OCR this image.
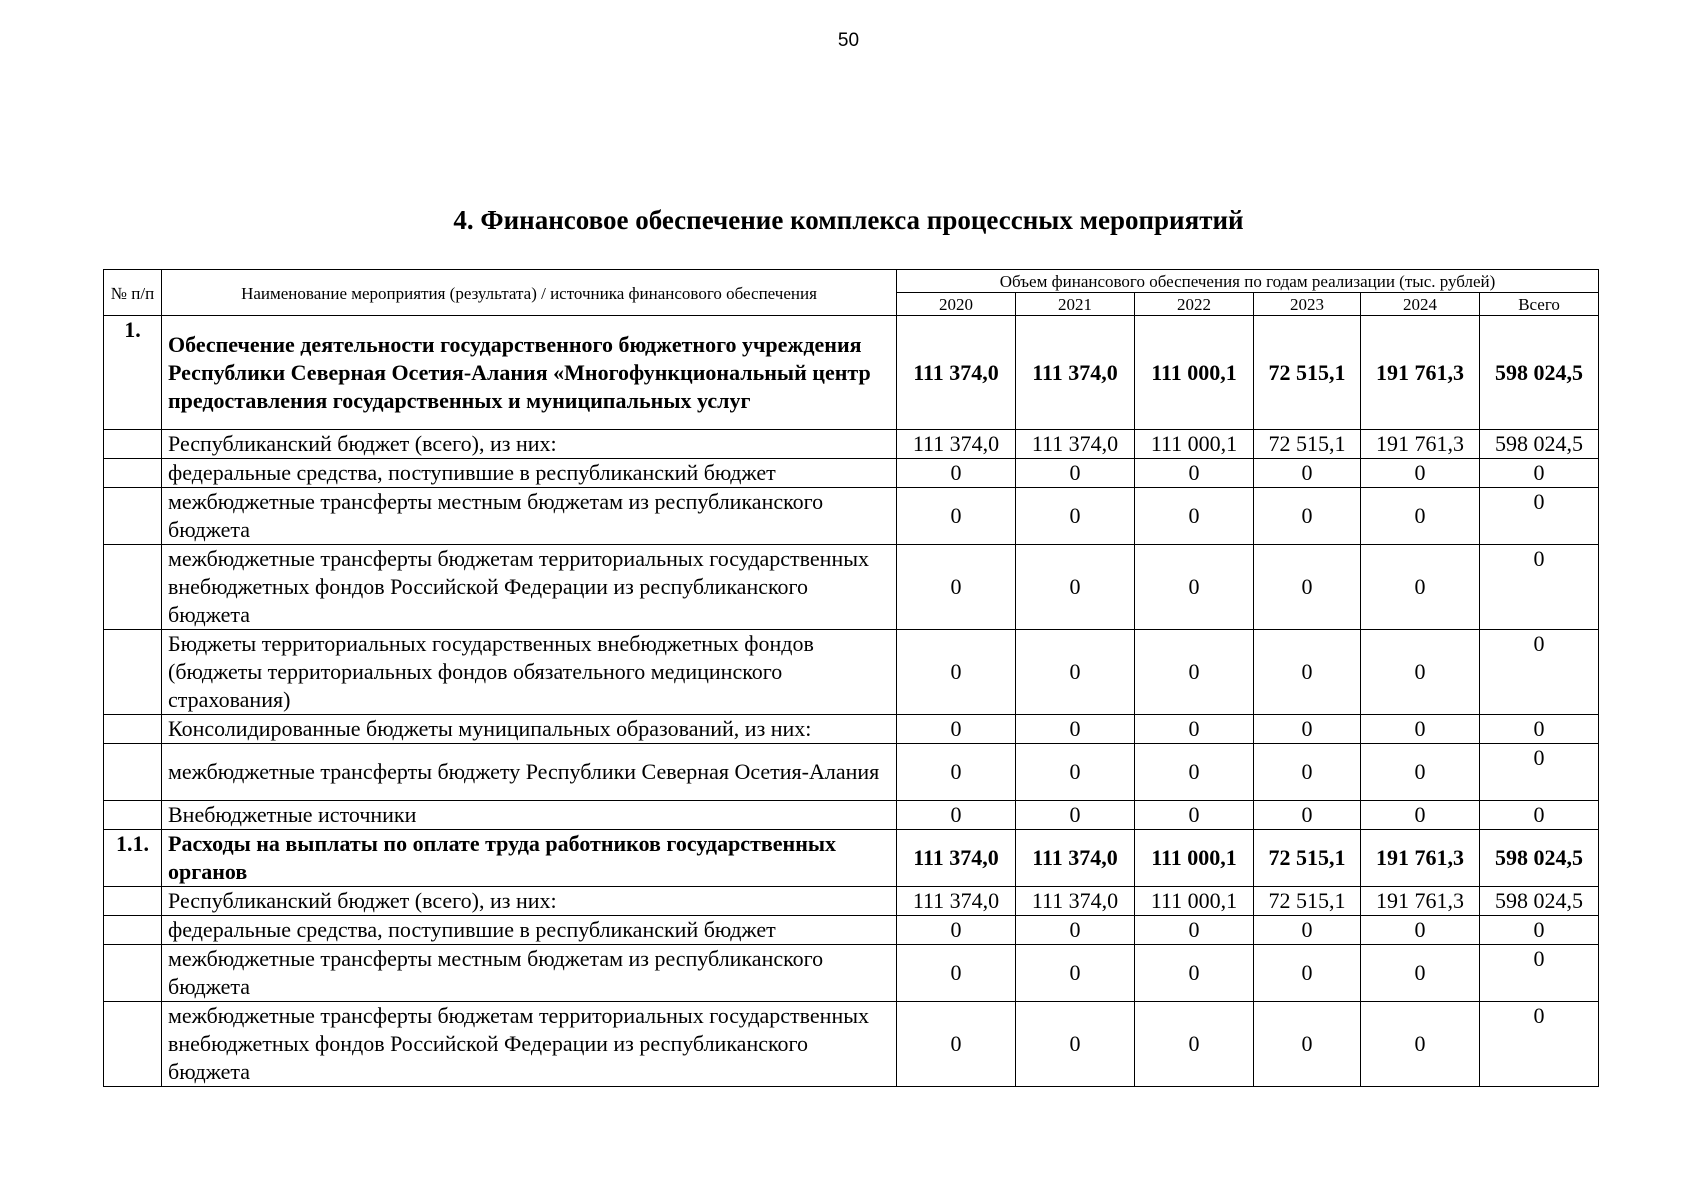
50
4. Финансовое обеспечение комплекса процессных мероприятий
№ п/п	Наименование мероприятия (результата) / источника финансового обеспечения	Объем финансового обеспечения по годам реализации (тыс. рублей)					
		2020	2021	2022	2023	2024	Всего
1.	Обеспечение деятельности государственного бюджетного учреждения Республики Северная Осетия-Алания «Многофункциональный центр предоставления государственных и муниципальных услуг	111 374,0	111 374,0	111 000,1	72 515,1	191 761,3	598 024,5
	Республиканский бюджет (всего), из них:	111 374,0	111 374,0	111 000,1	72 515,1	191 761,3	598 024,5
	федеральные средства, поступившие в республиканский бюджет	0	0	0	0	0	0
	межбюджетные трансферты местным бюджетам из республиканского бюджета	0	0	0	0	0	0
	межбюджетные трансферты бюджетам территориальных государственных внебюджетных фондов Российской Федерации из республиканского бюджета	0	0	0	0	0	0
	Бюджеты территориальных государственных внебюджетных фондов (бюджеты территориальных фондов обязательного медицинского страхования)	0	0	0	0	0	0
	Консолидированные бюджеты муниципальных образований, из них:	0	0	0	0	0	0
	межбюджетные трансферты бюджету Республики Северная Осетия-Алания	0	0	0	0	0	0
	Внебюджетные источники	0	0	0	0	0	0
1.1.	Расходы на выплаты по оплате труда работников государственных органов	111 374,0	111 374,0	111 000,1	72 515,1	191 761,3	598 024,5
	Республиканский бюджет (всего), из них:	111 374,0	111 374,0	111 000,1	72 515,1	191 761,3	598 024,5
	федеральные средства, поступившие в республиканский бюджет	0	0	0	0	0	0
	межбюджетные трансферты местным бюджетам из республиканского бюджета	0	0	0	0	0	0
	межбюджетные трансферты бюджетам территориальных государственных внебюджетных фондов Российской Федерации из республиканского бюджета	0	0	0	0	0	0
